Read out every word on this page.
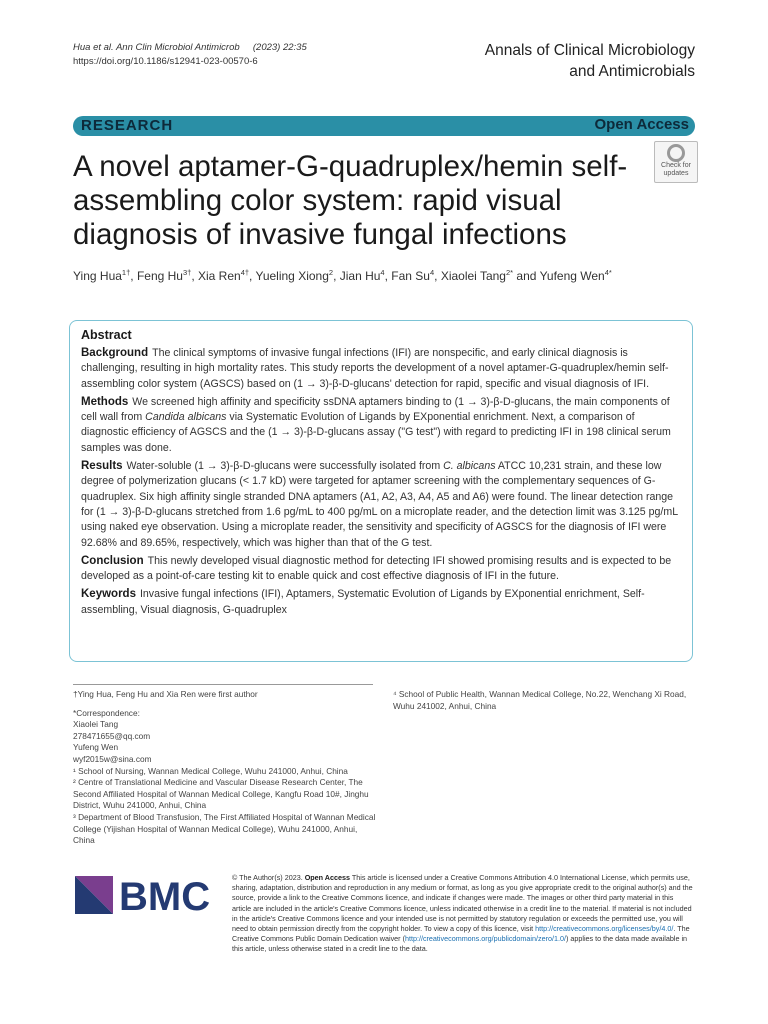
Hua et al. Ann Clin Microbiol Antimicrob (2023) 22:35
https://doi.org/10.1186/s12941-023-00570-6
Annals of Clinical Microbiology
and Antimicrobials
RESEARCH	Open Access
A novel aptamer-G-quadruplex/hemin self-assembling color system: rapid visual diagnosis of invasive fungal infections
Check for
updates
Ying Hua$^{1\dagger}$, Feng $Hu^{3\dagger}$, Xia Ren$^{4\dagger}$, Yueling Xiong$^2$, Jian Hu$^4$, Fan Su$^4$, Xiaolei Tang$^{2*}$ and Yufeng Wen$^{4*}$
Abstract

Background The clinical symptoms of invasive fungal infections (IFI) are nonspecific, and early clinical diagnosis is challenging, resulting in high mortality rates. This study reports the development of a novel aptamer-G-quadruplex/hemin self-assembling color system (AGSCS) based on (1 → 3)-β-D-glucans' detection for rapid, specific and visual diagnosis of IFI.

Methods We screened high affinity and specificity ssDNA aptamers binding to (1 → 3)-β-D-glucans, the main components of cell wall from Candida albicans via Systematic Evolution of Ligands by EXponential enrichment. Next, a comparison of diagnostic efficiency of AGSCS and the (1 → 3)-β-D-glucans assay ("G test") with regard to predicting IFI in 198 clinical serum samples was done.

Results Water-soluble (1 → 3)-β-D-glucans were successfully isolated from C. albicans ATCC 10,231 strain, and these low degree of polymerization glucans (< 1.7 kD) were targeted for aptamer screening with the complementary sequences of G-quadruplex. Six high affinity single stranded DNA aptamers (A1, A2, A3, A4, A5 and A6) were found. The linear detection range for (1 → 3)-β-D-glucans stretched from 1.6 pg/mL to 400 pg/mL on a microplate reader, and the detection limit was 3.125 pg/mL using naked eye observation. Using a microplate reader, the sensitivity and specificity of AGSCS for the diagnosis of IFI were 92.68% and 89.65%, respectively, which was higher than that of the G test.

Conclusion This newly developed visual diagnostic method for detecting IFI showed promising results and is expected to be developed as a point-of-care testing kit to enable quick and cost effective diagnosis of IFI in the future.

Keywords Invasive fungal infections (IFI), Aptamers, Systematic Evolution of Ligands by EXponential enrichment, Self-assembling, Visual diagnosis, G-quadruplex

†Ying Hua, Feng Hu and Xia Ren were first author
*Correspondence:
Xiaolei Tang
278471655@qq.com
Yufeng Wen
wyf2015w@sina.com
¹ School of Nursing, Wannan Medical College, Wuhu 241000, Anhui, China
² Centre of Translational Medicine and Vascular Disease Research Center, The Second Affiliated Hospital of Wannan Medical College, Kangfu Road 10#, Jinghu District, Wuhu 241000, Anhui, China
³ Department of Blood Transfusion, The First Affiliated Hospital of Wannan Medical College (Yijishan Hospital of Wannan Medical College), Wuhu 241000, Anhui, China
⁴ School of Public Health, Wannan Medical College, No.22, Wenchang Xi Road, Wuhu 241002, Anhui, China
BMC	© The Author(s) 2023. Open Access This article is licensed under a Creative Commons Attribution 4.0 International License, which permits use, sharing, adaptation, distribution and reproduction in any medium or format, as long as you give appropriate credit to the original author(s) and the source, provide a link to the Creative Commons licence, and indicate if changes were made. The images or other third party material in this article are included in the article's Creative Commons licence, unless indicated otherwise in a credit line to the material. If material is not included in the article's Creative Commons licence and your intended use is not permitted by statutory regulation or exceeds the permitted use, you will need to obtain permission directly from the copyright holder. To view a copy of this licence, visit http://creativecommons.org/licenses/by/4.0/. The Creative Commons Public Domain Dedication waiver (http://creativecommons.org/publicdomain/zero/1.0/) applies to the data made available in this article, unless otherwise stated in a credit line to the data.
